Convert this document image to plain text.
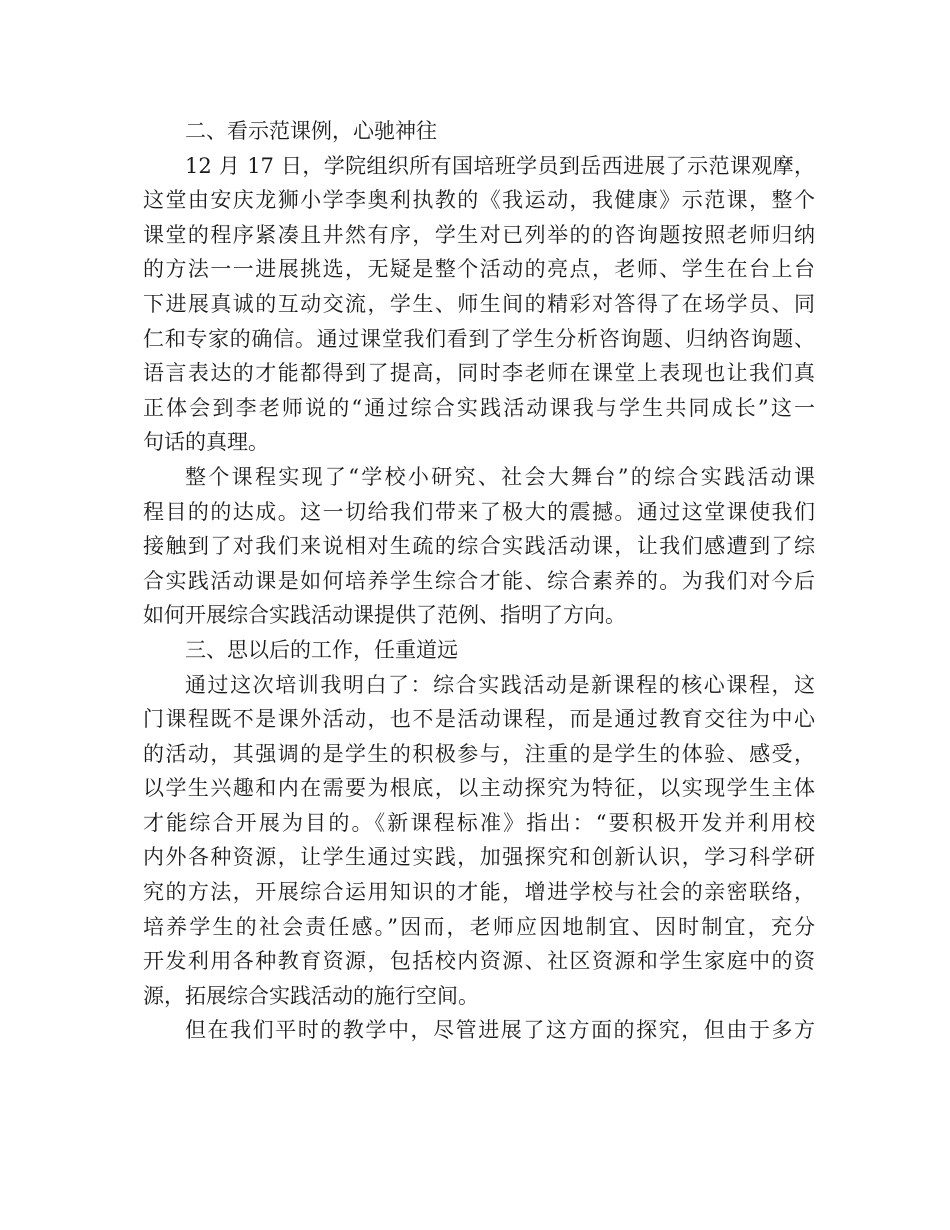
二、看示范课例，心驰神往
12 月 17 日，学院组织所有国培班学员到岳西进展了示范课观摩，
这堂由安庆龙狮小学李奥利执教的《我运动，我健康》示范课，整个
课堂的程序紧凑且井然有序，学生对已列举的的咨询题按照老师归纳
的方法一一进展挑选，无疑是整个活动的亮点，老师、学生在台上台
下进展真诚的互动交流，学生、师生间的精彩对答得了在场学员、同
仁和专家的确信。通过课堂我们看到了学生分析咨询题、归纳咨询题、
语言表达的才能都得到了提高，同时李老师在课堂上表现也让我们真
正体会到李老师说的“通过综合实践活动课我与学生共同成长”这一
句话的真理。
整个课程实现了“学校小研究、社会大舞台”的综合实践活动课
程目的的达成。这一切给我们带来了极大的震撼。通过这堂课使我们
接触到了对我们来说相对生疏的综合实践活动课，让我们感遭到了综
合实践活动课是如何培养学生综合才能、综合素养的。为我们对今后
如何开展综合实践活动课提供了范例、指明了方向。
三、思以后的工作，任重道远
通过这次培训我明白了：综合实践活动是新课程的核心课程，这
门课程既不是课外活动，也不是活动课程，而是通过教育交往为中心
的活动，其强调的是学生的积极参与，注重的是学生的体验、感受，
以学生兴趣和内在需要为根底，以主动探究为特征，以实现学生主体
才能综合开展为目的。《新课程标准》指出：“要积极开发并利用校
内外各种资源，让学生通过实践，加强探究和创新认识，学习科学研
究的方法，开展综合运用知识的才能，增进学校与社会的亲密联络，
培养学生的社会责任感。”因而，老师应因地制宜、因时制宜，充分
开发利用各种教育资源，包括校内资源、社区资源和学生家庭中的资
源，拓展综合实践活动的施行空间。
但在我们平时的教学中，尽管进展了这方面的探究，但由于多方
